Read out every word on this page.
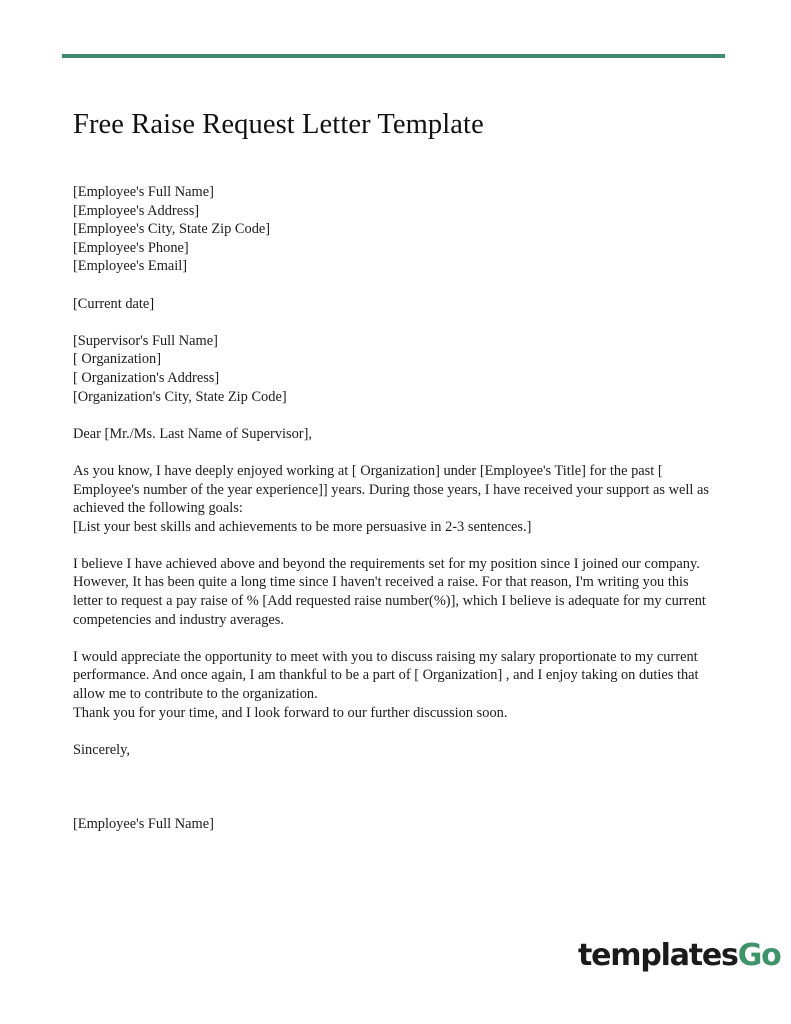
Free Raise Request Letter Template
[Employee's Full Name]
[Employee's Address]
[Employee's City, State Zip Code]
[Employee's Phone]
[Employee's Email]
[Current date]
[Supervisor's Full Name]
[ Organization]
[ Organization's Address]
[Organization's City, State Zip Code]

Dear [Mr./Ms. Last Name of Supervisor],

As you know, I have deeply enjoyed working at [ Organization] under [Employee's Title] for the past [ Employee's number of the year experience]] years. During those years, I have received your support as well as achieved the following goals:

[List your best skills and achievements to be more persuasive in 2-3 sentences.]

I believe I have achieved above and beyond the requirements set for my position since I joined our company. However, It has been quite a long time since I haven't received a raise. For that reason, I'm writing you this letter to request a pay raise of % [Add requested raise number(%)], which I believe is adequate for my current competencies and industry averages.

I would appreciate the opportunity to meet with you to discuss raising my salary proportionate to my current performance. And once again, I am thankful to be a part of [ Organization] , and I enjoy taking on duties that allow me to contribute to the organization.

Thank you for your time, and I look forward to our further discussion soon.

Sincerely,

[Employee's Full Name]

templatesGo
